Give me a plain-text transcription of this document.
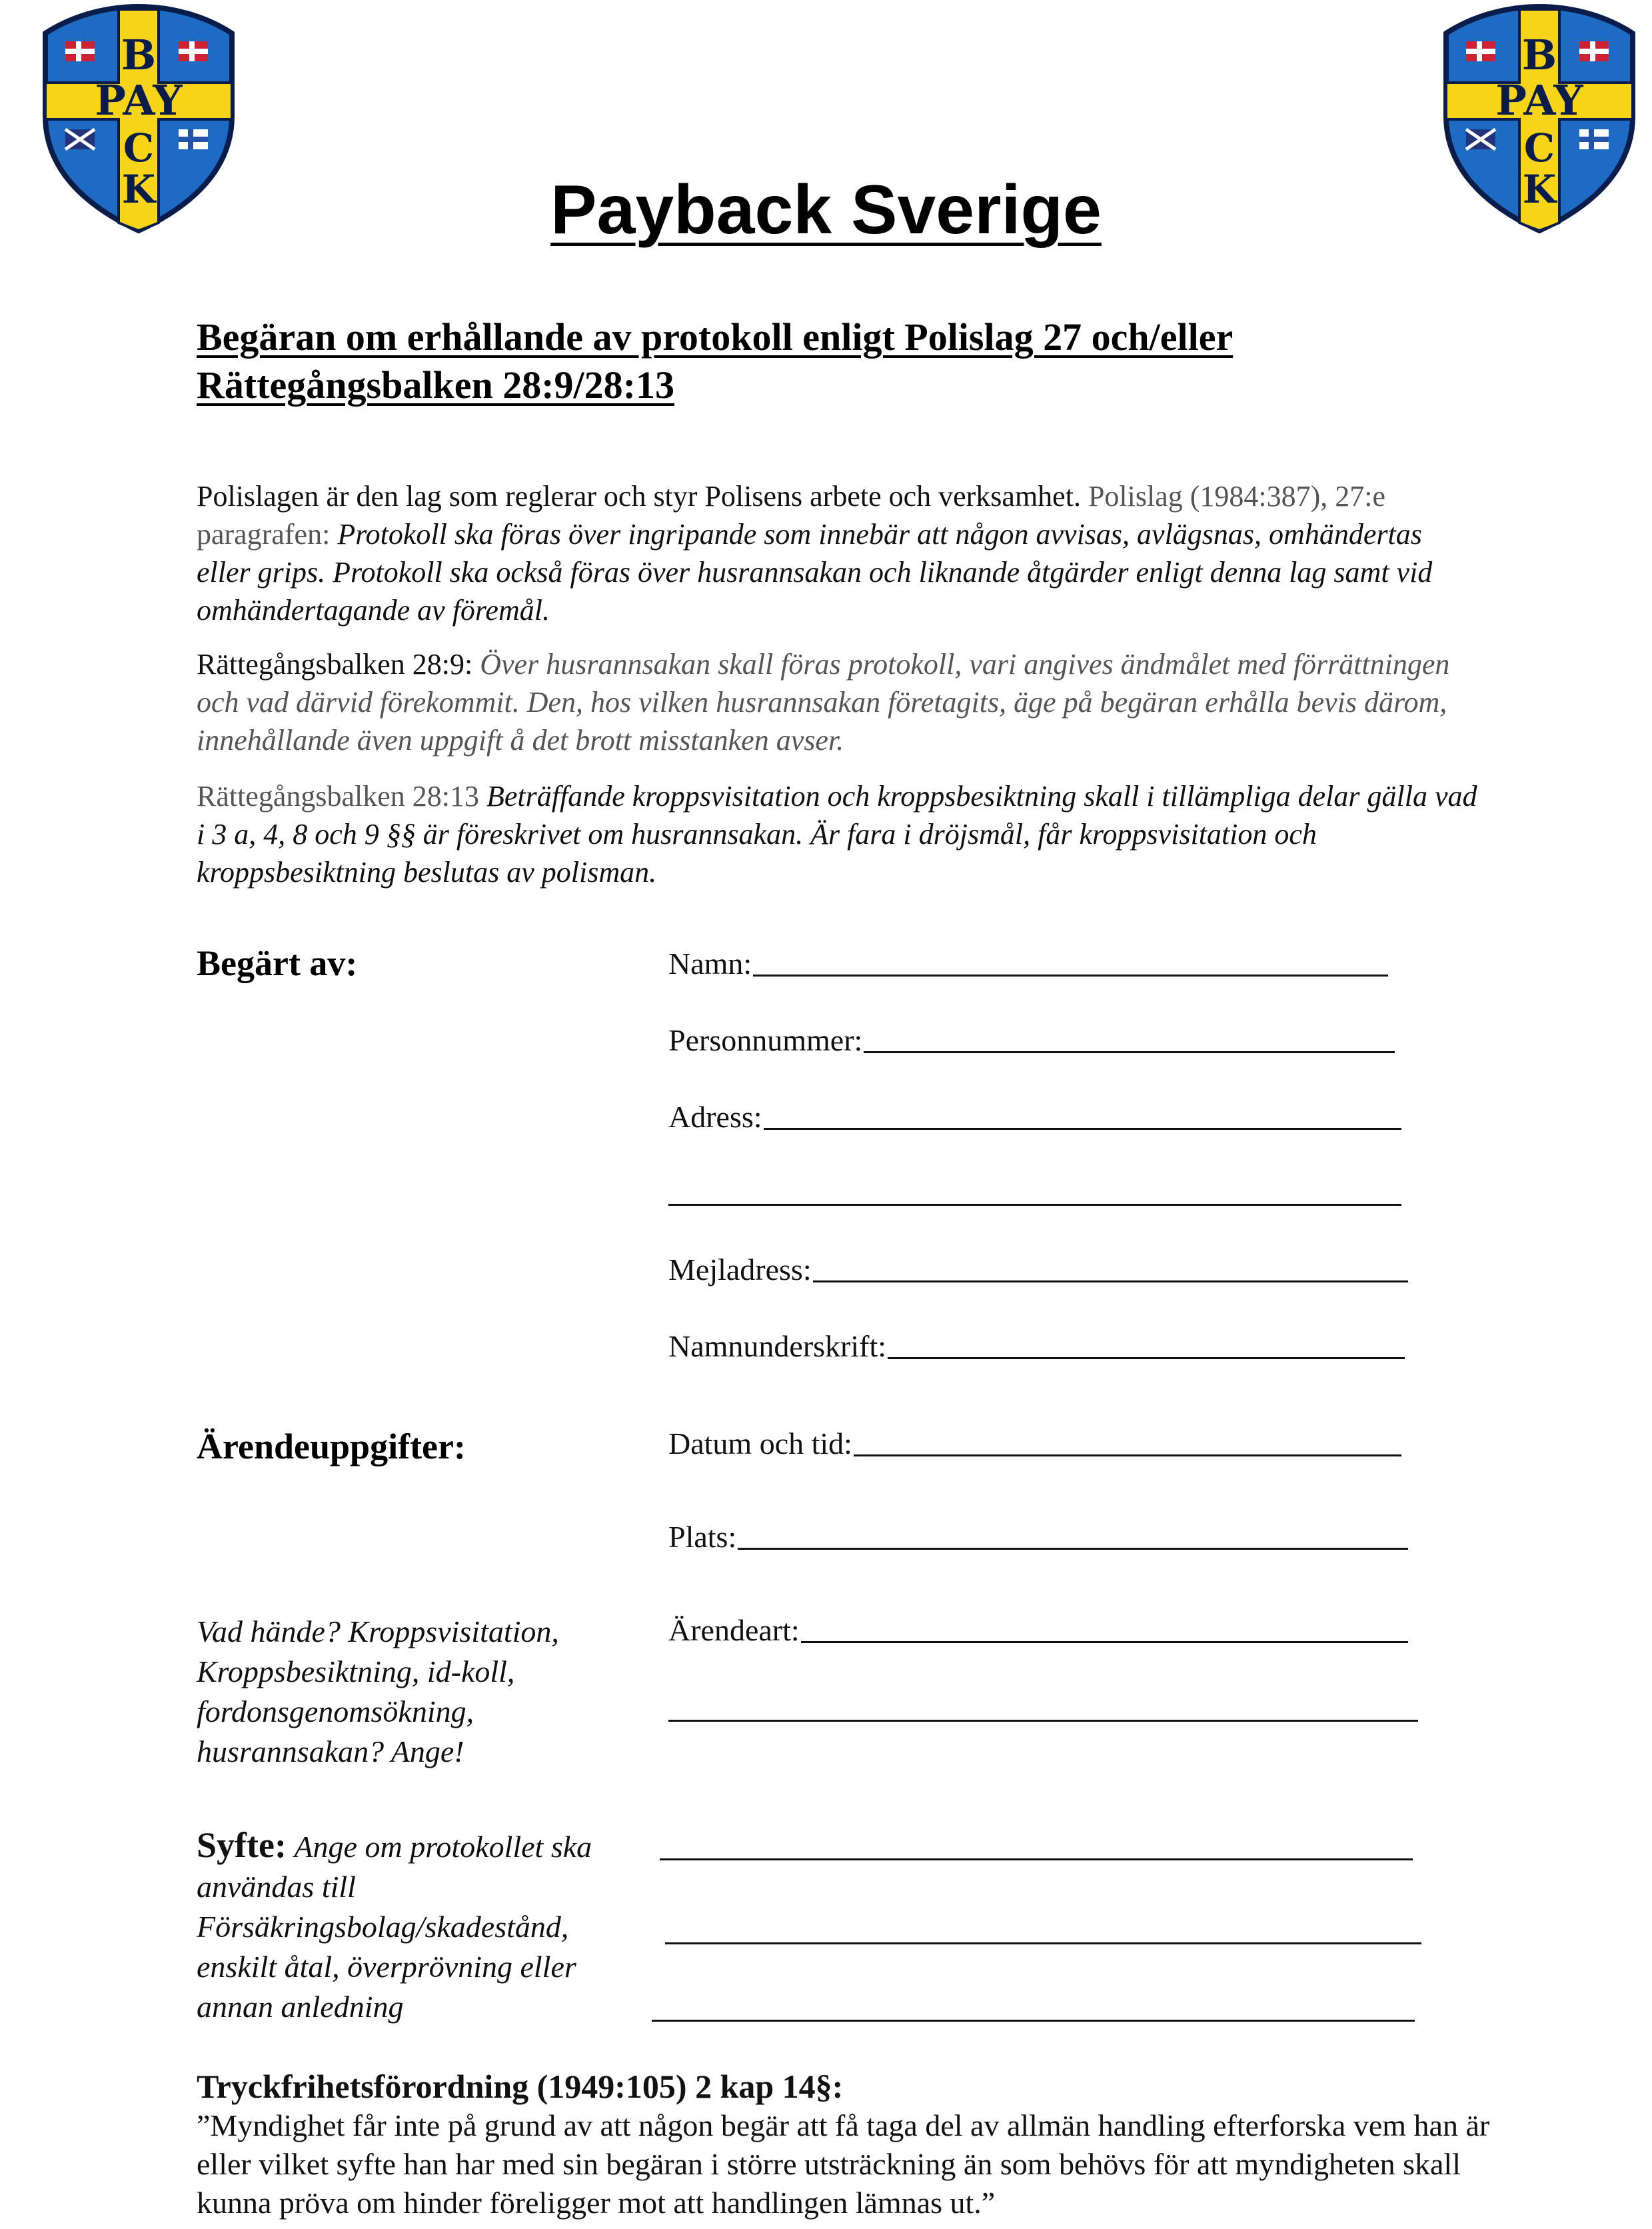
B
PAY
C
K
B
PAY
C
K
Payback Sverige
Begäran om erhållande av protokoll enligt Polislag 27 och/eller
Rättegångsbalken 28:9/28:13
Polislagen är den lag som reglerar och styr Polisens arbete och verksamhet. Polislag (1984:387), 27:e paragrafen: Protokoll ska föras över ingripande som innebär att någon avvisas, avlägsnas, omhändertas eller grips. Protokoll ska också föras över husrannsakan och liknande åtgärder enligt denna lag samt vid omhändertagande av föremål.
Rättegångsbalken 28:9: Över husrannsakan skall föras protokoll, vari angives ändmålet med förrättningen och vad därvid förekommit. Den, hos vilken husrannsakan företagits, äge på begäran erhålla bevis därom, innehållande även uppgift å det brott misstanken avser.
Rättegångsbalken 28:13 Beträffande kroppsvisitation och kroppsbesiktning skall i tillämpliga delar gälla vad i 3 a, 4, 8 och 9 §§ är föreskrivet om husrannsakan. Är fara i dröjsmål, får kroppsvisitation och kroppsbesiktning beslutas av polisman.
Begärt av:	Namn:
Personnummer:
Adress:
Mejladress:
Namnunderskrift:
Ärendeuppgifter:	Datum och tid:
Plats:
Ärendeart:
Vad hände? Kroppsvisitation, Kroppsbesiktning, id-koll, fordonsgenomsökning, husrannsakan? Ange!
Syfte: Ange om protokollet ska användas till Försäkringsbolag/skadestånd, enskilt åtal, överprövning eller annan anledning
Tryckfrihetsförordning (1949:105) 2 kap 14§:
”Myndighet får inte på grund av att någon begär att få taga del av allmän handling efterforska vem han är eller vilket syfte han har med sin begäran i större utsträckning än som behövs för att myndigheten skall kunna pröva om hinder föreligger mot att handlingen lämnas ut.”
